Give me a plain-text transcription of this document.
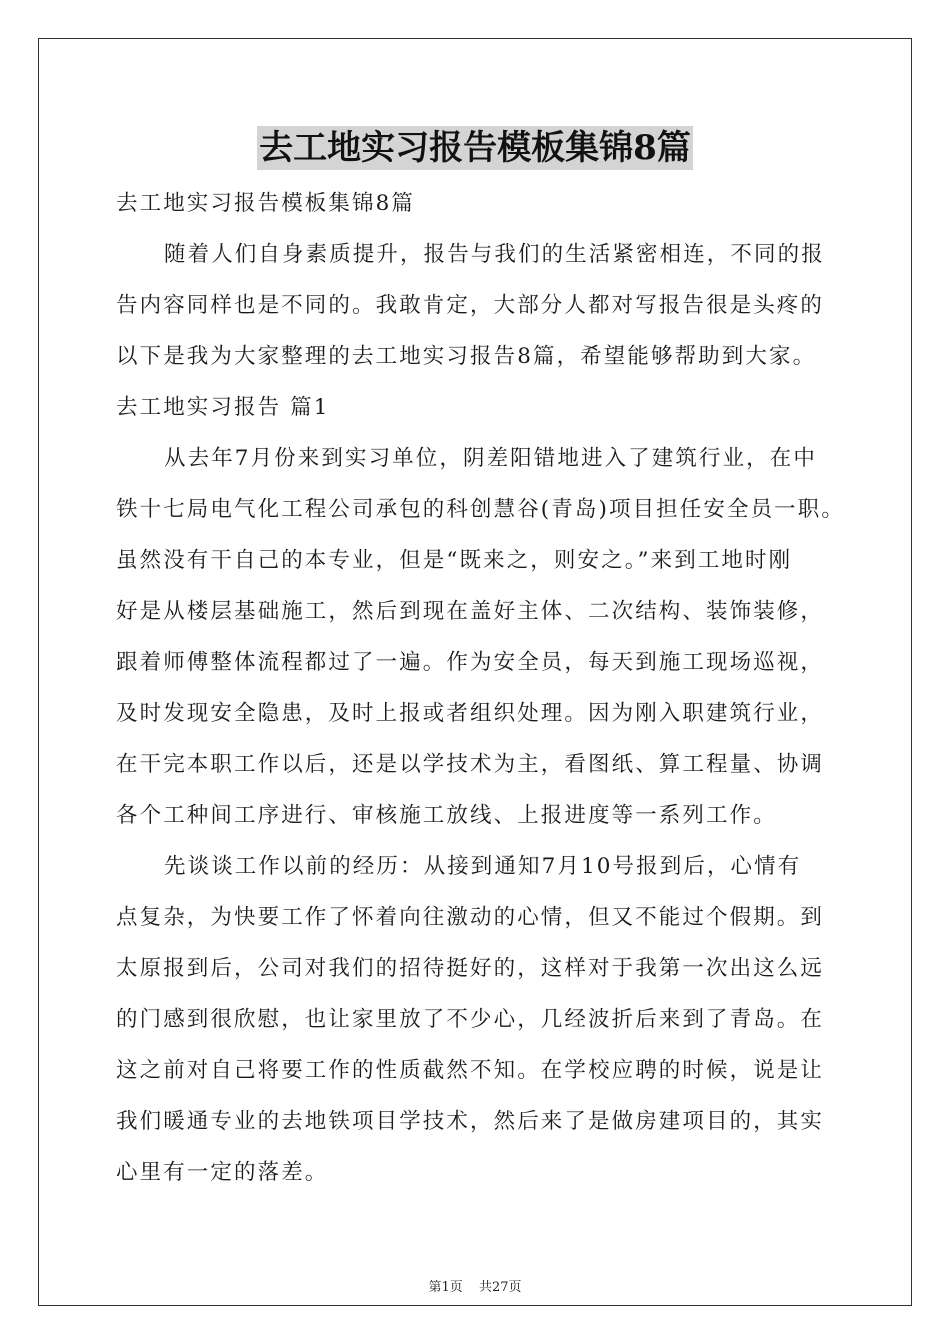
去工地实习报告模板集锦8篇

去工地实习报告模板集锦8篇

随着人们自身素质提升，报告与我们的生活紧密相连，不同的报

告内容同样也是不同的。我敢肯定，大部分人都对写报告很是头疼的

以下是我为大家整理的去工地实习报告8篇，希望能够帮助到大家。

去工地实习报告 篇1

从去年7月份来到实习单位，阴差阳错地进入了建筑行业，在中

铁十七局电气化工程公司承包的科创慧谷(青岛)项目担任安全员一职。

虽然没有干自己的本专业，但是“既来之，则安之。”来到工地时刚

好是从楼层基础施工，然后到现在盖好主体、二次结构、装饰装修，

跟着师傅整体流程都过了一遍。作为安全员，每天到施工现场巡视，

及时发现安全隐患，及时上报或者组织处理。因为刚入职建筑行业，

在干完本职工作以后，还是以学技术为主，看图纸、算工程量、协调

各个工种间工序进行、审核施工放线、上报进度等一系列工作。

先谈谈工作以前的经历：从接到通知7月10号报到后，心情有

点复杂，为快要工作了怀着向往激动的心情，但又不能过个假期。到

太原报到后，公司对我们的招待挺好的，这样对于我第一次出这么远

的门感到很欣慰，也让家里放了不少心，几经波折后来到了青岛。在

这之前对自己将要工作的性质截然不知。在学校应聘的时候，说是让

我们暖通专业的去地铁项目学技术，然后来了是做房建项目的，其实

心里有一定的落差。

第1页 共27页
